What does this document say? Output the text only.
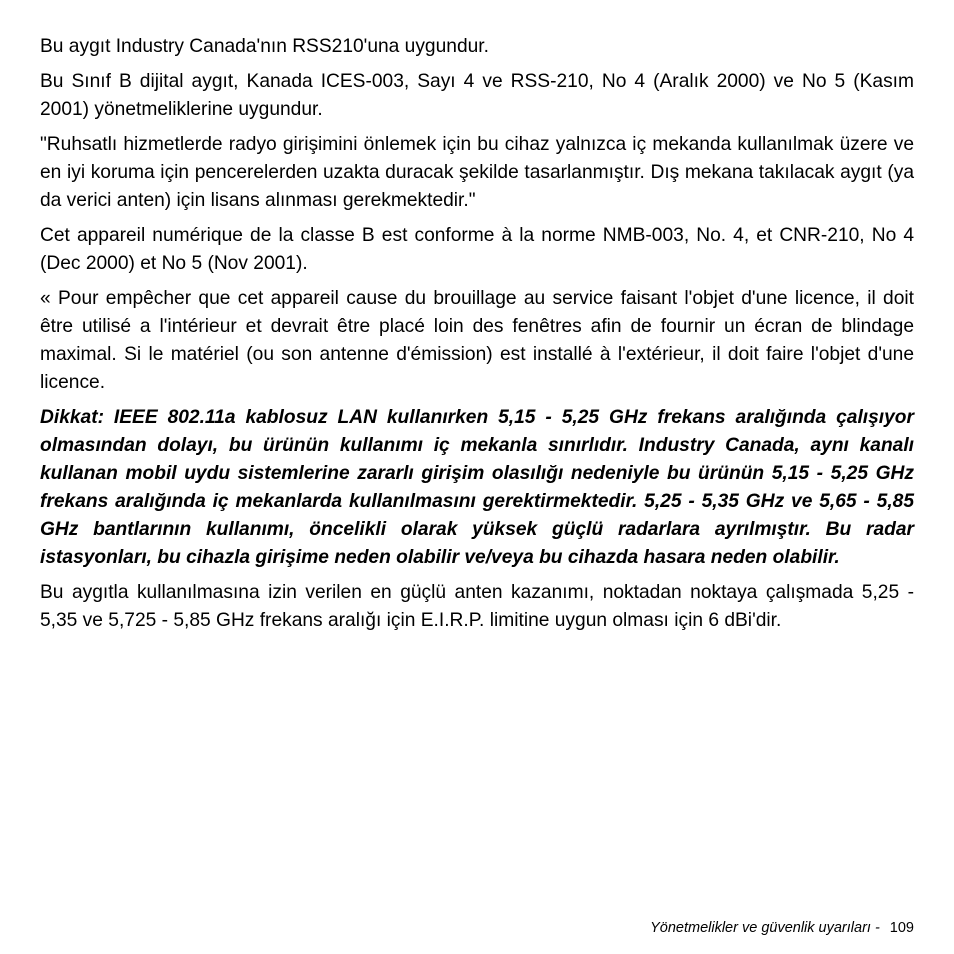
Bu aygıt Industry Canada'nın RSS210'una uygundur.

Bu Sınıf B dijital aygıt, Kanada ICES-003, Sayı 4 ve RSS-210, No 4 (Aralık 2000) ve No 5 (Kasım 2001) yönetmeliklerine uygundur.

"Ruhsatlı hizmetlerde radyo girişimini önlemek için bu cihaz yalnızca iç mekanda kullanılmak üzere ve en iyi koruma için pencerelerden uzakta duracak şekilde tasarlanmıştır. Dış mekana takılacak aygıt (ya da verici anten) için lisans alınması gerekmektedir."

Cet appareil numérique de la classe B est conforme à la norme NMB-003, No. 4, et CNR-210, No 4 (Dec 2000) et No 5 (Nov 2001).

« Pour empêcher que cet appareil cause du brouillage au service faisant l'objet d'une licence, il doit être utilisé a l'intérieur et devrait être placé loin des fenêtres afin de fournir un écran de blindage maximal. Si le matériel (ou son antenne d'émission) est installé à l'extérieur, il doit faire l'objet d'une licence.

Dikkat: IEEE 802.11a kablosuz LAN kullanırken 5,15 - 5,25 GHz frekans aralığında çalışıyor olmasından dolayı, bu ürünün kullanımı iç mekanla sınırlıdır. Industry Canada, aynı kanalı kullanan mobil uydu sistemlerine zararlı girişim olasılığı nedeniyle bu ürünün 5,15 - 5,25 GHz frekans aralığında iç mekanlarda kullanılmasını gerektirmektedir. 5,25 - 5,35 GHz ve 5,65 - 5,85 GHz bantlarının kullanımı, öncelikli olarak yüksek güçlü radarlara ayrılmıştır. Bu radar istasyonları, bu cihazla girişime neden olabilir ve/veya bu cihazda hasara neden olabilir.

Bu aygıtla kullanılmasına izin verilen en güçlü anten kazanımı, noktadan noktaya çalışmada 5,25 - 5,35 ve 5,725 - 5,85 GHz frekans aralığı için E.I.R.P. limitine uygun olması için 6 dBi'dir.

Yönetmelikler ve güvenlik uyarıları - 109
